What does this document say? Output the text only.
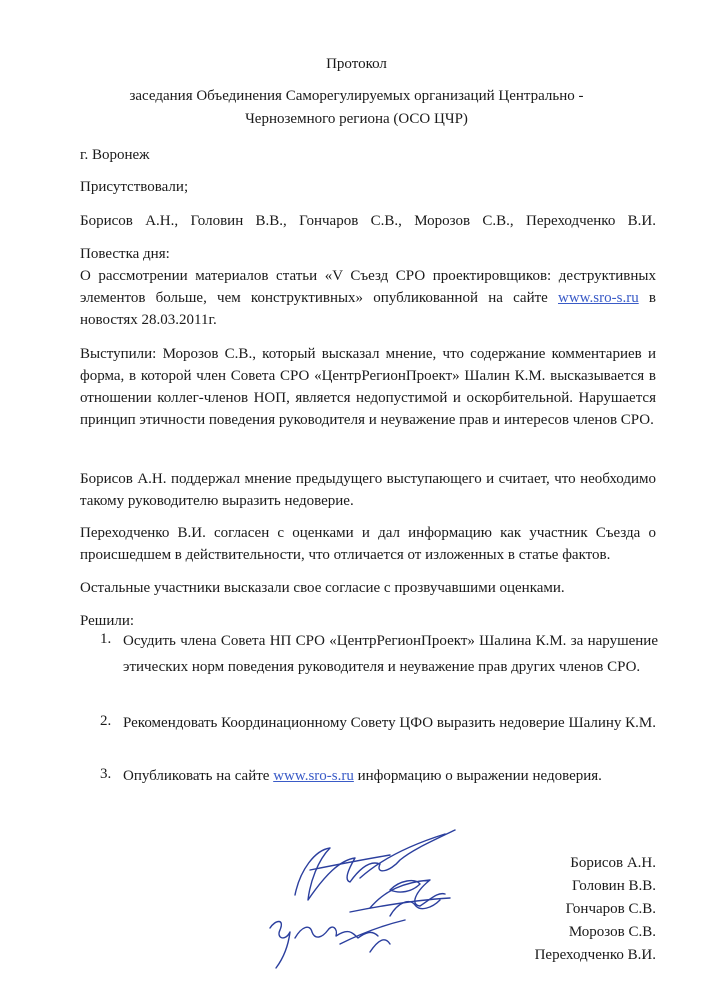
Протокол
заседания Объединения Саморегулируемых организаций Центрально -
Черноземного региона (ОСО ЦЧР)
г. Воронеж
Присутствовали;
Борисов А.Н., Головин В.В., Гончаров С.В., Морозов С.В., Переходченко В.И.
Повестка дня:
О рассмотрении материалов статьи «V Съезд СРО проектировщиков: деструктивных
элементов больше, чем конструктивных» опубликованной на сайте www.sro-s.ru в
новостях 28.03.2011г.
Выступили: Морозов С.В., который высказал мнение, что содержание комментариев и форма, в которой член Совета СРО «ЦентрРегионПроект» Шалин К.М. высказывается в отношении коллег-членов НОП, является недопустимой и оскорбительной. Нарушается принцип этичности поведения руководителя и неуважение прав и интересов членов СРО.
Борисов А.Н. поддержал мнение предыдущего выступающего и считает, что необходимо такому руководителю выразить недоверие.
Переходченко В.И. согласен с оценками и дал информацию как участник Съезда о происшедшем в действительности, что отличается от изложенных в статье фактов.
Остальные участники высказали свое согласие с прозвучавшими оценками.
Решили:
1. Осудить члена Совета НП СРО «ЦентрРегионПроект» Шалина К.М. за нарушение этических норм поведения руководителя и неуважение прав других членов СРО.
2. Рекомендовать Координационному Совету ЦФО выразить недоверие Шалину К.М.
3. Опубликовать на сайте www.sro-s.ru информацию о выражении недоверия.
Борисов А.Н.
Головин В.В.
Гончаров С.В.
Морозов С.В.
Переходченко В.И.
